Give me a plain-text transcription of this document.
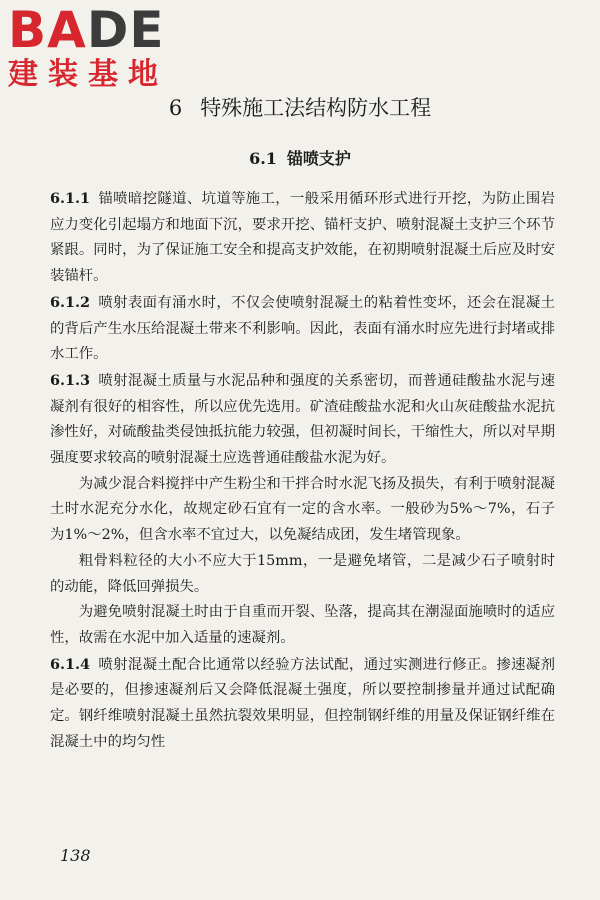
BADE
建装基地
6 特殊施工法结构防水工程
6.1 锚喷支护

6.1.1 锚喷暗挖隧道、坑道等施工，一般采用循环形式进行开挖，为防止围岩应力变化引起塌方和地面下沉，要求开挖、锚杆支护、喷射混凝土支护三个环节紧跟。同时，为了保证施工安全和提高支护效能，在初期喷射混凝土后应及时安装锚杆。

6.1.2 喷射表面有涌水时，不仅会使喷射混凝土的粘着性变坏，还会在混凝土的背后产生水压给混凝土带来不利影响。因此，表面有涌水时应先进行封堵或排水工作。

6.1.3 喷射混凝土质量与水泥品种和强度的关系密切，而普通硅酸盐水泥与速凝剂有很好的相容性，所以应优先选用。矿渣硅酸盐水泥和火山灰硅酸盐水泥抗渗性好，对硫酸盐类侵蚀抵抗能力较强，但初凝时间长，干缩性大，所以对早期强度要求较高的喷射混凝土应选普通硅酸盐水泥为好。

为减少混合料搅拌中产生粉尘和干拌合时水泥飞扬及损失，有利于喷射混凝土时水泥充分水化，故规定砂石宜有一定的含水率。一般砂为5%～7%，石子为1%～2%，但含水率不宜过大，以免凝结成团，发生堵管现象。

粗骨料粒径的大小不应大于15mm，一是避免堵管，二是减少石子喷射时的动能，降低回弹损失。

为避免喷射混凝土时由于自重而开裂、坠落，提高其在潮湿面施喷时的适应性，故需在水泥中加入适量的速凝剂。

6.1.4 喷射混凝土配合比通常以经验方法试配，通过实测进行修正。掺速凝剂是必要的，但掺速凝剂后又会降低混凝土强度，所以要控制掺量并通过试配确定。钢纤维喷射混凝土虽然抗裂效果明显，但控制钢纤维的用量及保证钢纤维在混凝土中的均匀性

138
